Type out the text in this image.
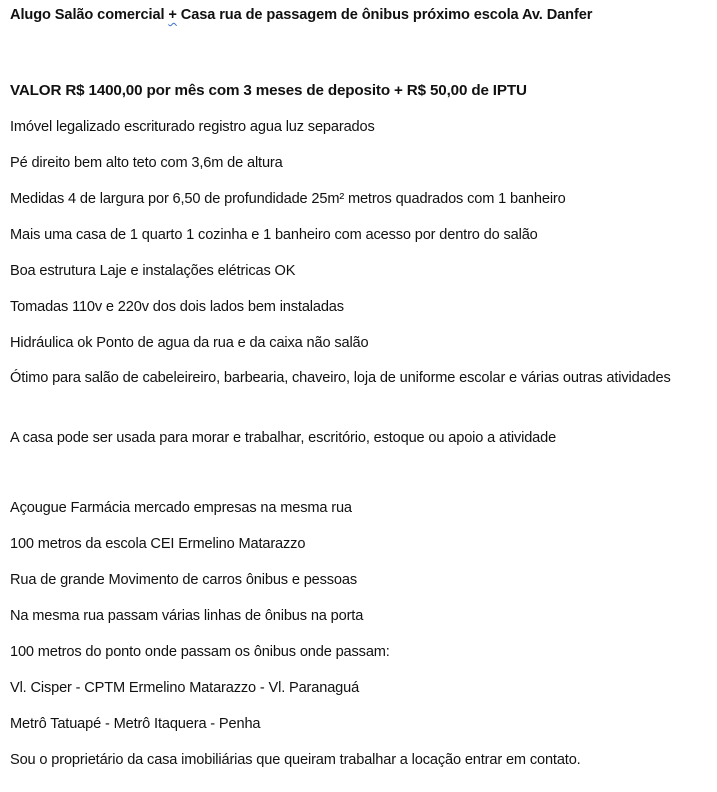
Alugo Salão comercial + Casa rua de passagem de ônibus próximo escola Av. Danfer
VALOR R$ 1400,00 por mês com 3 meses de deposito + R$ 50,00 de IPTU
Imóvel legalizado escriturado registro agua luz separados
Pé direito bem alto teto com 3,6m de altura
Medidas 4 de largura por 6,50 de profundidade 25m² metros quadrados com 1 banheiro
Mais uma casa de 1 quarto 1 cozinha e 1 banheiro com acesso por dentro do salão
Boa estrutura Laje e instalações elétricas OK
Tomadas 110v e 220v dos dois lados bem instaladas
Hidráulica ok Ponto de agua da rua e da caixa não salão
Ótimo para salão de cabeleireiro, barbearia, chaveiro, loja de uniforme escolar e várias outras atividades
A casa pode ser usada para morar e trabalhar, escritório, estoque ou apoio a atividade
Açougue Farmácia mercado empresas na mesma rua
100 metros da escola CEI Ermelino Matarazzo
Rua de grande Movimento de carros ônibus e pessoas
Na mesma rua passam várias linhas de ônibus na porta
100 metros do ponto onde passam os ônibus onde passam:
Vl. Cisper - CPTM Ermelino Matarazzo - Vl. Paranaguá
Metrô Tatuapé - Metrô Itaquera - Penha
Sou o proprietário da casa imobiliárias que queiram trabalhar a locação entrar em contato.
